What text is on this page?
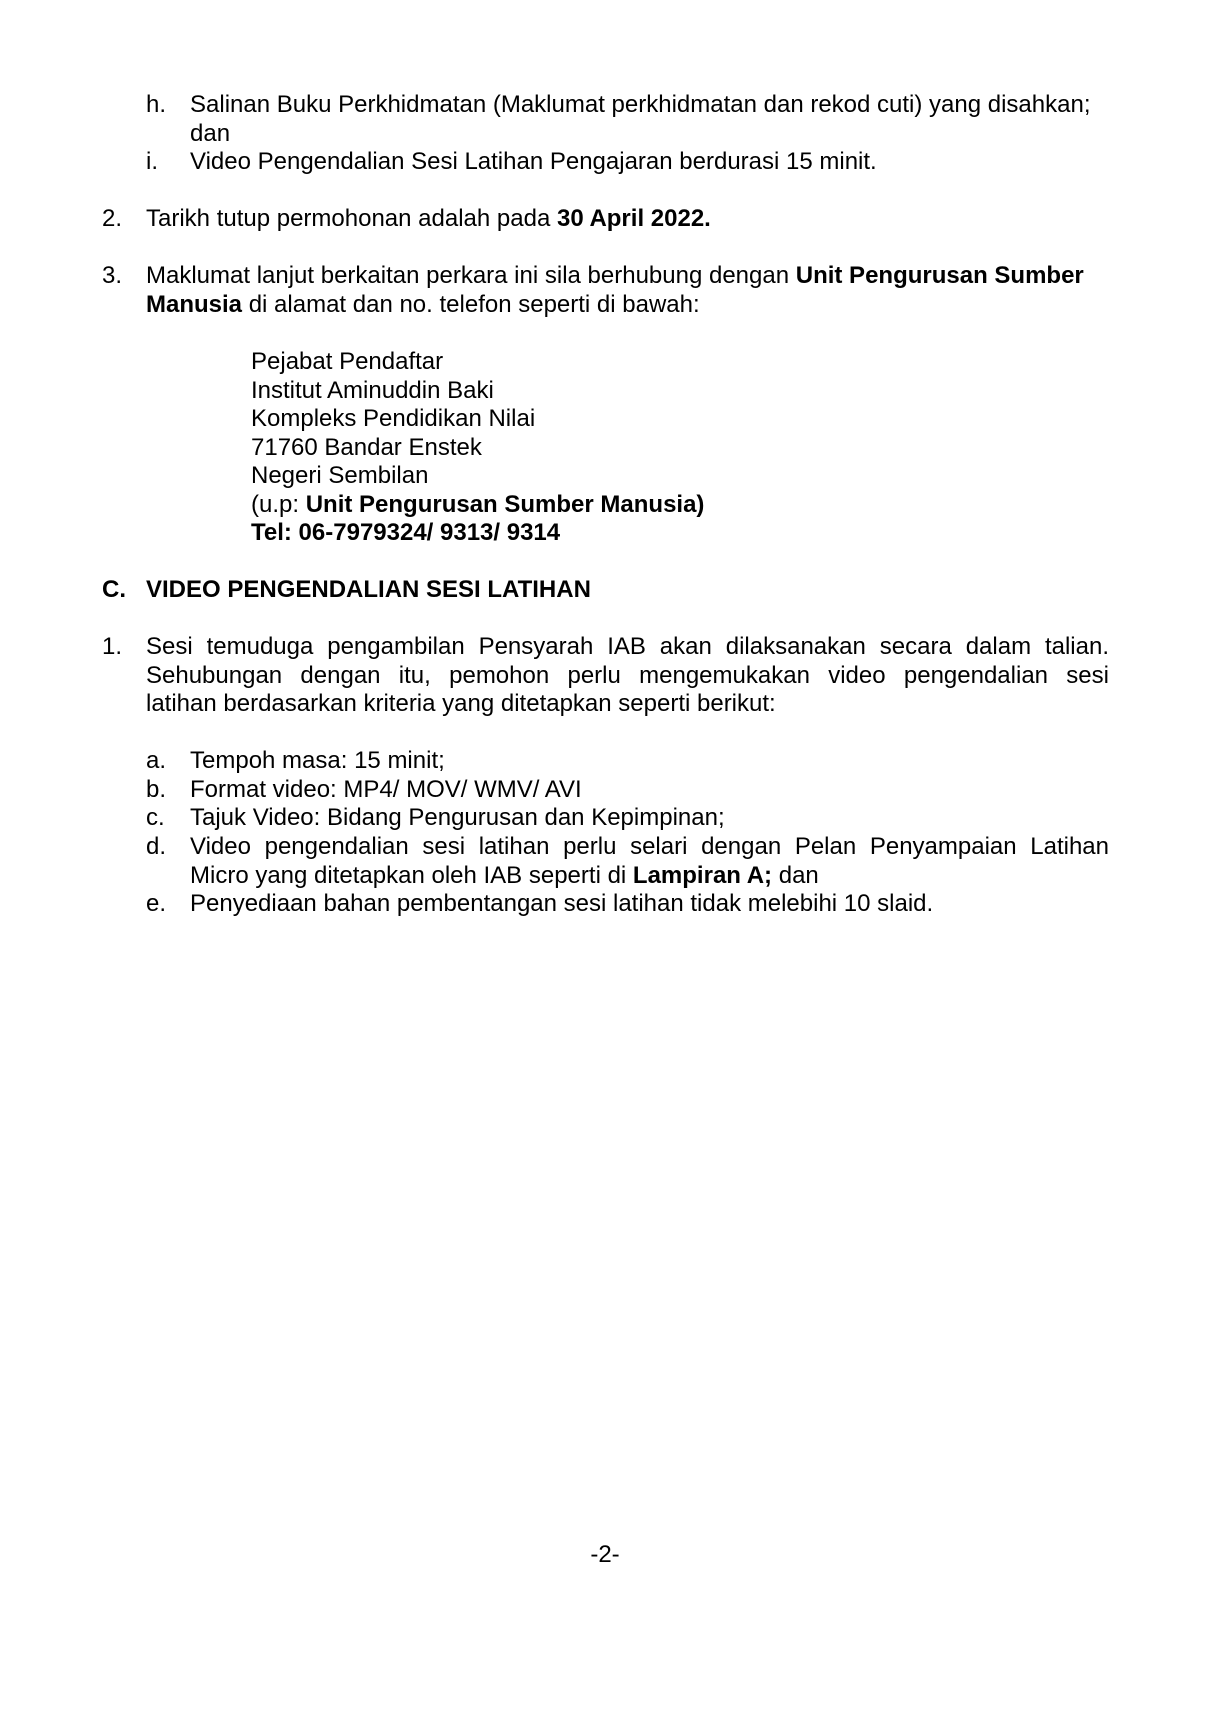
h. Salinan Buku Perkhidmatan (Maklumat perkhidmatan dan rekod cuti) yang disahkan;
dan
i. Video Pengendalian Sesi Latihan Pengajaran berdurasi 15 minit.
2. Tarikh tutup permohonan adalah pada 30 April 2022.
3. Maklumat lanjut berkaitan perkara ini sila berhubung dengan Unit Pengurusan Sumber
Manusia di alamat dan no. telefon seperti di bawah:
Pejabat Pendaftar
Institut Aminuddin Baki
Kompleks Pendidikan Nilai
71760 Bandar Enstek
Negeri Sembilan
(u.p: Unit Pengurusan Sumber Manusia)
Tel: 06-7979324/ 9313/ 9314
C. VIDEO PENGENDALIAN SESI LATIHAN
1. Sesi temuduga pengambilan Pensyarah IAB akan dilaksanakan secara dalam talian.
Sehubungan dengan itu, pemohon perlu mengemukakan video pengendalian sesi
latihan berdasarkan kriteria yang ditetapkan seperti berikut:
a. Tempoh masa: 15 minit;
b. Format video: MP4/ MOV/ WMV/ AVI
c. Tajuk Video: Bidang Pengurusan dan Kepimpinan;
d. Video pengendalian sesi latihan perlu selari dengan Pelan Penyampaian Latihan
Micro yang ditetapkan oleh IAB seperti di Lampiran A; dan
e. Penyediaan bahan pembentangan sesi latihan tidak melebihi 10 slaid.
-2-
